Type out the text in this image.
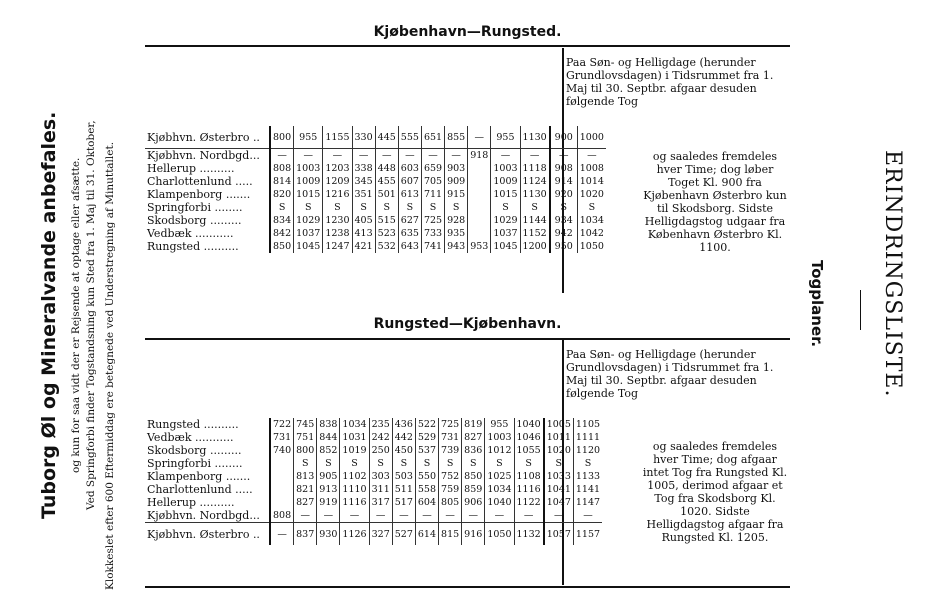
Tuborg Øl og Mineralvande anbefales. og kun for saa vidt der er Rejsende at optage eller afsætte. Ved Springforbi finder Togstandsning kun Sted fra 1. Maj til 31. Oktober, Klokkeslet efter 600 Eftermiddag ere betegnede ved Understregning af Minuttallet.	ERINDRINGSLISTE.
Togplaner.
Kjøbenhavn—Rungsted.
Paa Søn- og Helligdage (herunder Grundlovsdagen) i Tidsrummet fra 1. Maj til 30. Septbr. afgaar desuden følgende Tog
Kjøbhvn. Østerbro ..	800	955	1155	330	445	555	651	855	—	955	1130	900	1000
Kjøbhvn. Nordbgd...	—	—	—	—	—	—	—	—	918	—	—	—	—
Hellerup ..........	808	1003	1203	338	448	603	659	903		1003	1118	908	1008
Charlottenlund .....	814	1009	1209	345	455	607	705	909		1009	1124	914	1014
Klampenborg .......	820	1015	1216	351	501	613	711	915		1015	1130	920	1020
Springforbi ........	S	S	S	S	S	S	S	S		S	S	S	S
Skodsborg .........	834	1029	1230	405	515	627	725	928		1029	1144	934	1034
Vedbæk ...........	842	1037	1238	413	523	635	733	935		1037	1152	942	1042
Rungsted ..........	850	1045	1247	421	532	643	741	943	953	1045	1200	950	1050
og saaledes fremdeles hver Time; dog løber Toget Kl. 900 fra Kjøbenhavn Østerbro kun til Skodsborg. Sidste Helligdagstog udgaar fra København Østerbro Kl. 1100.
Rungsted—Kjøbenhavn.
Paa Søn- og Helligdage (herunder Grundlovsdagen) i Tidsrummet fra 1. Maj til 30. Septbr. afgaar desuden følgende Tog
Rungsted ..........	722	745	838	1034	235	436	522	725	819	955	1040	1005	1105
Vedbæk ...........	731	751	844	1031	242	442	529	731	827	1003	1046	1011	1111
Skodsborg .........	740	800	852	1019	250	450	537	739	836	1012	1055	1020	1120
Springforbi ........		S	S	S	S	S	S	S	S	S	S	S	S
Klampenborg .......		813	905	1102	303	503	550	752	850	1025	1108	1033	1133
Charlottenlund .....		821	913	1110	311	511	558	759	859	1034	1116	1041	1141
Hellerup ..........		827	919	1116	317	517	604	805	906	1040	1122	1047	1147
Kjøbhvn. Nordbgd...	808	—	—	—	—	—	—	—	—	—	—	—	—
Kjøbhvn. Østerbro ..	—	837	930	1126	327	527	614	815	916	1050	1132	1057	1157
og saaledes fremdeles hver Time; dog afgaar intet Tog fra Rungsted Kl. 1005, derimod afgaar et Tog fra Skodsborg Kl. 1020. Sidste Helligdagstog afgaar fra Rungsted Kl. 1205.
